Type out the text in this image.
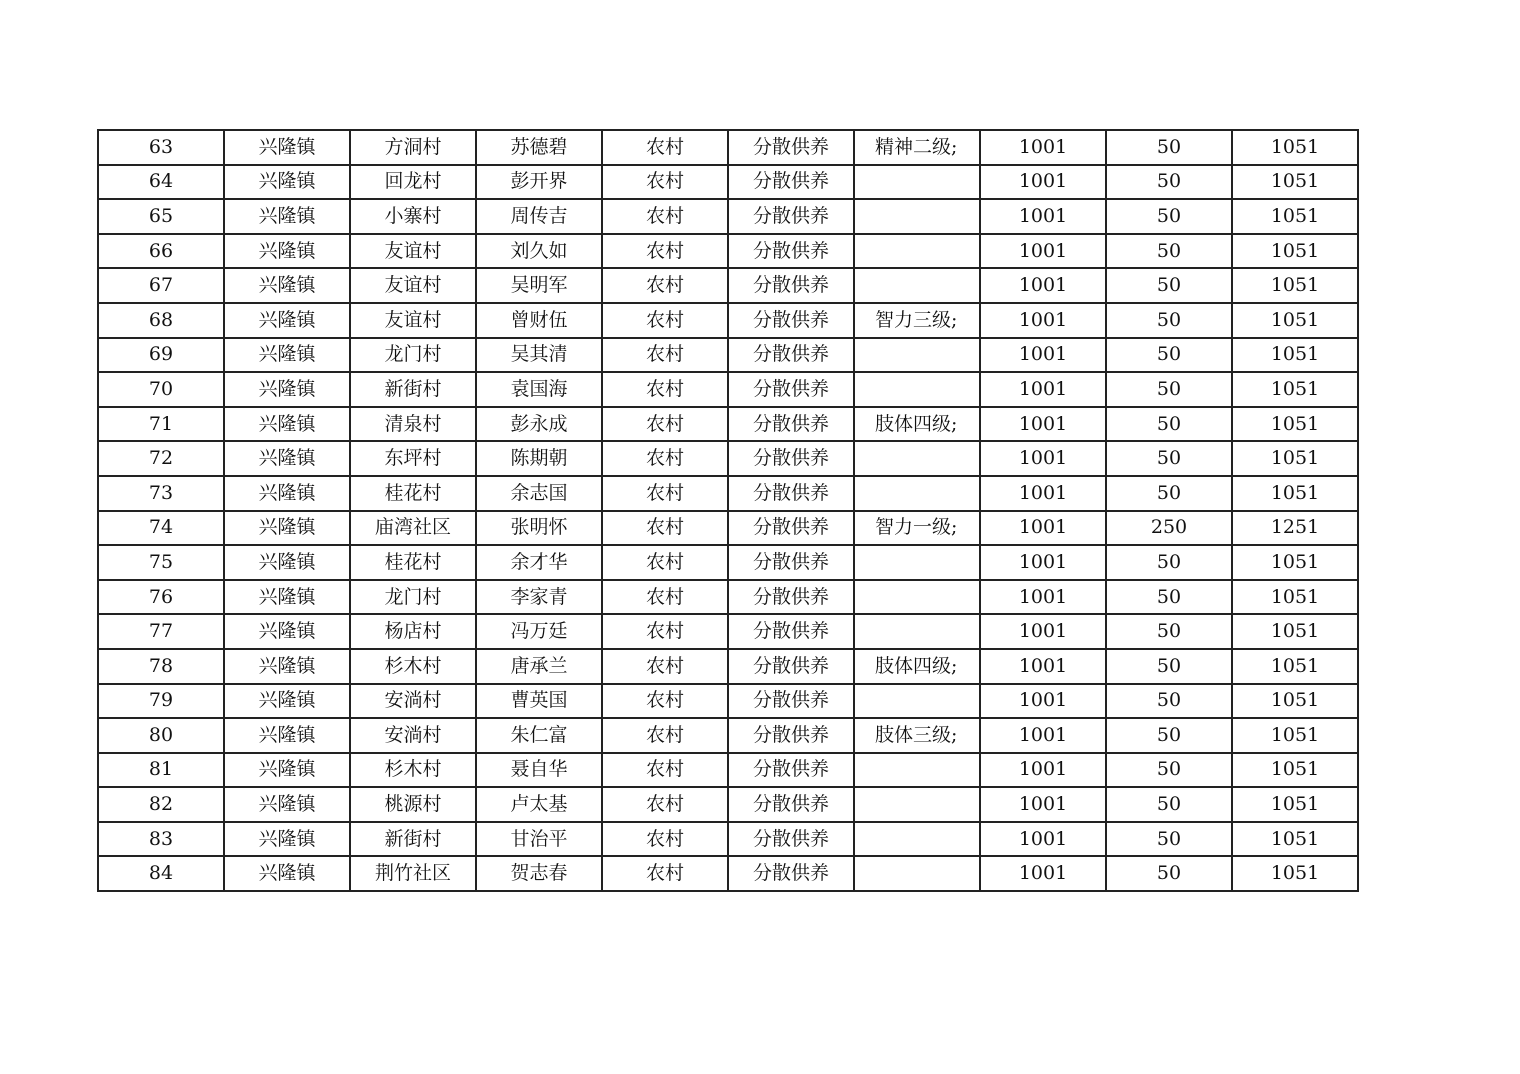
63	兴隆镇	方洞村	苏德碧	农村	分散供养	精神二级;	1001	50	1051
64	兴隆镇	回龙村	彭开界	农村	分散供养		1001	50	1051
65	兴隆镇	小寨村	周传吉	农村	分散供养		1001	50	1051
66	兴隆镇	友谊村	刘久如	农村	分散供养		1001	50	1051
67	兴隆镇	友谊村	吴明军	农村	分散供养		1001	50	1051
68	兴隆镇	友谊村	曾财伍	农村	分散供养	智力三级;	1001	50	1051
69	兴隆镇	龙门村	吴其清	农村	分散供养		1001	50	1051
70	兴隆镇	新街村	袁国海	农村	分散供养		1001	50	1051
71	兴隆镇	清泉村	彭永成	农村	分散供养	肢体四级;	1001	50	1051
72	兴隆镇	东坪村	陈期朝	农村	分散供养		1001	50	1051
73	兴隆镇	桂花村	余志国	农村	分散供养		1001	50	1051
74	兴隆镇	庙湾社区	张明怀	农村	分散供养	智力一级;	1001	250	1251
75	兴隆镇	桂花村	余才华	农村	分散供养		1001	50	1051
76	兴隆镇	龙门村	李家青	农村	分散供养		1001	50	1051
77	兴隆镇	杨店村	冯万廷	农村	分散供养		1001	50	1051
78	兴隆镇	杉木村	唐承兰	农村	分散供养	肢体四级;	1001	50	1051
79	兴隆镇	安淌村	曹英国	农村	分散供养		1001	50	1051
80	兴隆镇	安淌村	朱仁富	农村	分散供养	肢体三级;	1001	50	1051
81	兴隆镇	杉木村	聂自华	农村	分散供养		1001	50	1051
82	兴隆镇	桃源村	卢太基	农村	分散供养		1001	50	1051
83	兴隆镇	新街村	甘治平	农村	分散供养		1001	50	1051
84	兴隆镇	荆竹社区	贺志春	农村	分散供养		1001	50	1051
